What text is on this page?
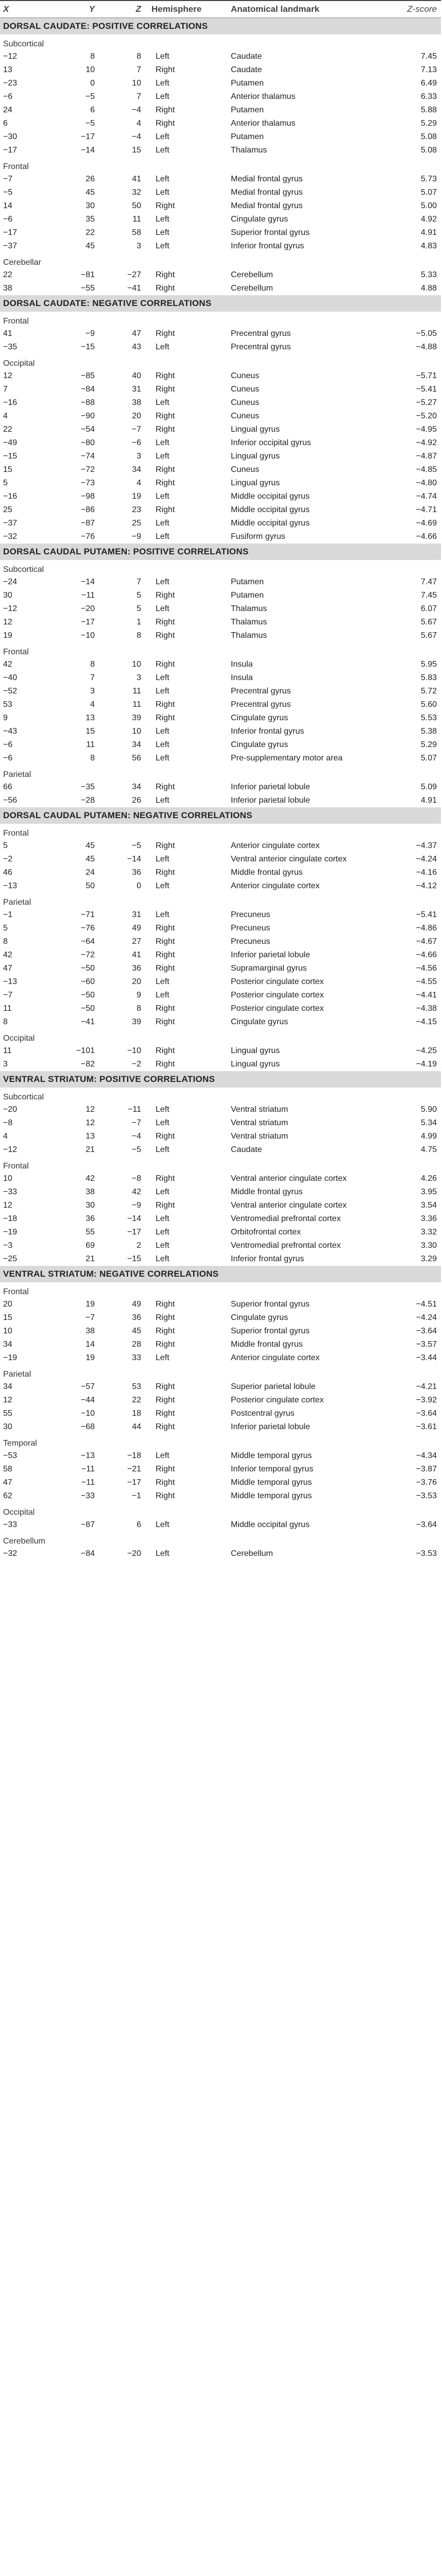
X	Y	Z	Hemisphere	Anatomical landmark	Z-score
DORSAL CAUDATE: POSITIVE CORRELATIONS					
Subcortical					
−12	8	8	Left	Caudate	7.45
13	10	7	Right	Caudate	7.13
−23	0	10	Left	Putamen	6.49
−6	−5	7	Left	Anterior thalamus	6.33
24	6	−4	Right	Putamen	5.88
6	−5	4	Right	Anterior thalamus	5.29
−30	−17	−4	Left	Putamen	5.08
−17	−14	15	Left	Thalamus	5.08
Frontal					
−7	26	41	Left	Medial frontal gyrus	5.73
−5	45	32	Left	Medial frontal gyrus	5.07
14	30	50	Right	Medial frontal gyrus	5.00
−6	35	11	Left	Cingulate gyrus	4.92
−17	22	58	Left	Superior frontal gyrus	4.91
−37	45	3	Left	Inferior frontal gyrus	4.83
Cerebellar					
22	−81	−27	Right	Cerebellum	5.33
38	−55	−41	Right	Cerebellum	4.88
DORSAL CAUDATE: NEGATIVE CORRELATIONS					
Frontal					
41	−9	47	Right	Precentral gyrus	−5.05
−35	−15	43	Left	Precentral gyrus	−4.88
Occipital					
12	−85	40	Right	Cuneus	−5.71
7	−84	31	Right	Cuneus	−5.41
−16	−88	38	Left	Cuneus	−5.27
4	−90	20	Right	Cuneus	−5.20
22	−54	−7	Right	Lingual gyrus	−4.95
−49	−80	−6	Left	Inferior occipital gyrus	−4.92
−15	−74	3	Left	Lingual gyrus	−4.87
15	−72	34	Right	Cuneus	−4.85
5	−73	4	Right	Lingual gyrus	−4.80
−16	−98	19	Left	Middle occipital gyrus	−4.74
25	−86	23	Right	Middle occipital gyrus	−4.71
−37	−87	25	Left	Middle occipital gyrus	−4.69
−32	−76	−9	Left	Fusiform gyrus	−4.66
DORSAL CAUDAL PUTAMEN: POSITIVE CORRELATIONS					
Subcortical					
−24	−14	7	Left	Putamen	7.47
30	−11	5	Right	Putamen	7.45
−12	−20	5	Left	Thalamus	6.07
12	−17	1	Right	Thalamus	5.67
19	−10	8	Right	Thalamus	5.67
Frontal					
42	8	10	Right	Insula	5.95
−40	7	3	Left	Insula	5.83
−52	3	11	Left	Precentral gyrus	5.72
53	4	11	Right	Precentral gyrus	5.60
9	13	39	Right	Cingulate gyrus	5.53
−43	15	10	Left	Inferior frontal gyrus	5.38
−6	11	34	Left	Cingulate gyrus	5.29
−6	8	56	Left	Pre-supplementary motor area	5.07
Parietal					
66	−35	34	Right	Inferior parietal lobule	5.09
−56	−28	26	Left	Inferior parietal lobule	4.91
DORSAL CAUDAL PUTAMEN: NEGATIVE CORRELATIONS					
Frontal					
5	45	−5	Right	Anterior cingulate cortex	−4.37
−2	45	−14	Left	Ventral anterior cingulate cortex	−4.24
46	24	36	Right	Middle frontal gyrus	−4.16
−13	50	0	Left	Anterior cingulate cortex	−4.12
Parietal					
−1	−71	31	Left	Precuneus	−5.41
5	−76	49	Right	Precuneus	−4.86
8	−64	27	Right	Precuneus	−4.67
42	−72	41	Right	Inferior parietal lobule	−4.66
47	−50	36	Right	Supramarginal gyrus	−4.56
−13	−60	20	Left	Posterior cingulate cortex	−4.55
−7	−50	9	Left	Posterior cingulate cortex	−4.41
11	−50	8	Right	Posterior cingulate cortex	−4.38
8	−41	39	Right	Cingulate gyrus	−4.15
Occipital					
11	−101	−10	Right	Lingual gyrus	−4.25
3	−82	−2	Right	Lingual gyrus	−4.19
VENTRAL STRIATUM: POSITIVE CORRELATIONS					
Subcortical					
−20	12	−11	Left	Ventral striatum	5.90
−8	12	−7	Left	Ventral striatum	5.34
4	13	−4	Right	Ventral striatum	4.99
−12	21	−5	Left	Caudate	4.75
Frontal					
10	42	−8	Right	Ventral anterior cingulate cortex	4.26
−33	38	42	Left	Middle frontal gyrus	3.95
12	30	−9	Right	Ventral anterior cingulate cortex	3.54
−18	36	−14	Left	Ventromedial prefrontal cortex	3.36
−19	55	−17	Left	Orbitofrontal cortex	3.32
−3	69	2	Left	Ventromedial prefrontal cortex	3.30
−25	21	−15	Left	Inferior frontal gyrus	3.29
VENTRAL STRIATUM: NEGATIVE CORRELATIONS					
Frontal					
20	19	49	Right	Superior frontal gyrus	−4.51
15	−7	36	Right	Cingulate gyrus	−4.24
10	38	45	Right	Superior frontal gyrus	−3.64
34	14	28	Right	Middle frontal gyrus	−3.57
−19	19	33	Left	Anterior cingulate cortex	−3.44
Parietal					
34	−57	53	Right	Superior parietal lobule	−4.21
12	−44	22	Right	Posterior cingulate cortex	−3.92
55	−10	18	Right	Postcentral gyrus	−3.64
30	−68	44	Right	Inferior parietal lobule	−3.61
Temporal					
−53	−13	−18	Left	Middle temporal gyrus	−4.34
58	−11	−21	Right	Inferior temporal gyrus	−3.87
47	−11	−17	Right	Middle temporal gyrus	−3.76
62	−33	−1	Right	Middle temporal gyrus	−3.53
Occipital					
−33	−87	6	Left	Middle occipital gyrus	−3.64
Cerebellum					
−32	−84	−20	Left	Cerebellum	−3.53
